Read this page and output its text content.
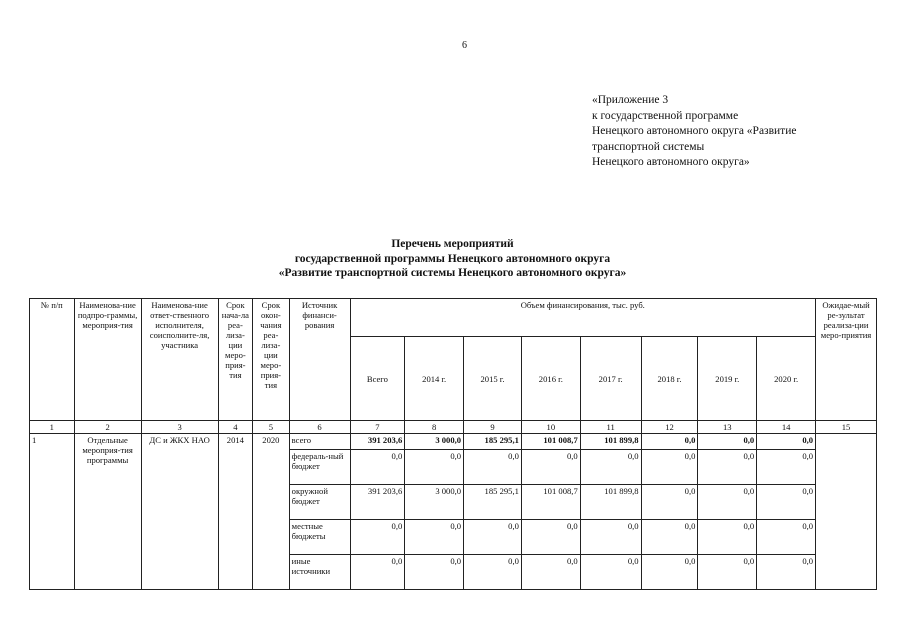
6
«Приложение 3
к государственной программе
Ненецкого автономного округа «Развитие
транспортной системы
Ненецкого автономного округа»
Перечень мероприятий
государственной программы Ненецкого автономного округа
«Развитие транспортной системы Ненецкого автономного округа»
№ п/п	Наименова-ние подпро-граммы, мероприя-тия	Наименова-ние ответ-ственного исполнителя, соисполните-ля, участника	Срок нача-ла реа-лиза-ции меро-прия-тия	Срок окон-чания реа-лиза-ции меро-прия-тия	Источник финанси-рования	Объем финансирования, тыс. руб.								Ожидае-мый ре-зультат реализа-ции меро-приятия
						Всего	2014 г.	2015 г.	2016 г.	2017 г.	2018 г.	2019 г.	2020 г.	
1	2	3	4	5	6	7	8	9	10	11	12	13	14	15
1	Отдельные мероприя-тия программы	ДС и ЖКХ НАО	2014	2020	всего	391 203,6	3 000,0	185 295,1	101 008,7	101 899,8	0,0	0,0	0,0	
					федераль-ный бюджет	0,0	0,0	0,0	0,0	0,0	0,0	0,0	0,0	
					окружной бюджет	391 203,6	3 000,0	185 295,1	101 008,7	101 899,8	0,0	0,0	0,0	
					местные бюджеты	0,0	0,0	0,0	0,0	0,0	0,0	0,0	0,0	
					иные источники	0,0	0,0	0,0	0,0	0,0	0,0	0,0	0,0	
